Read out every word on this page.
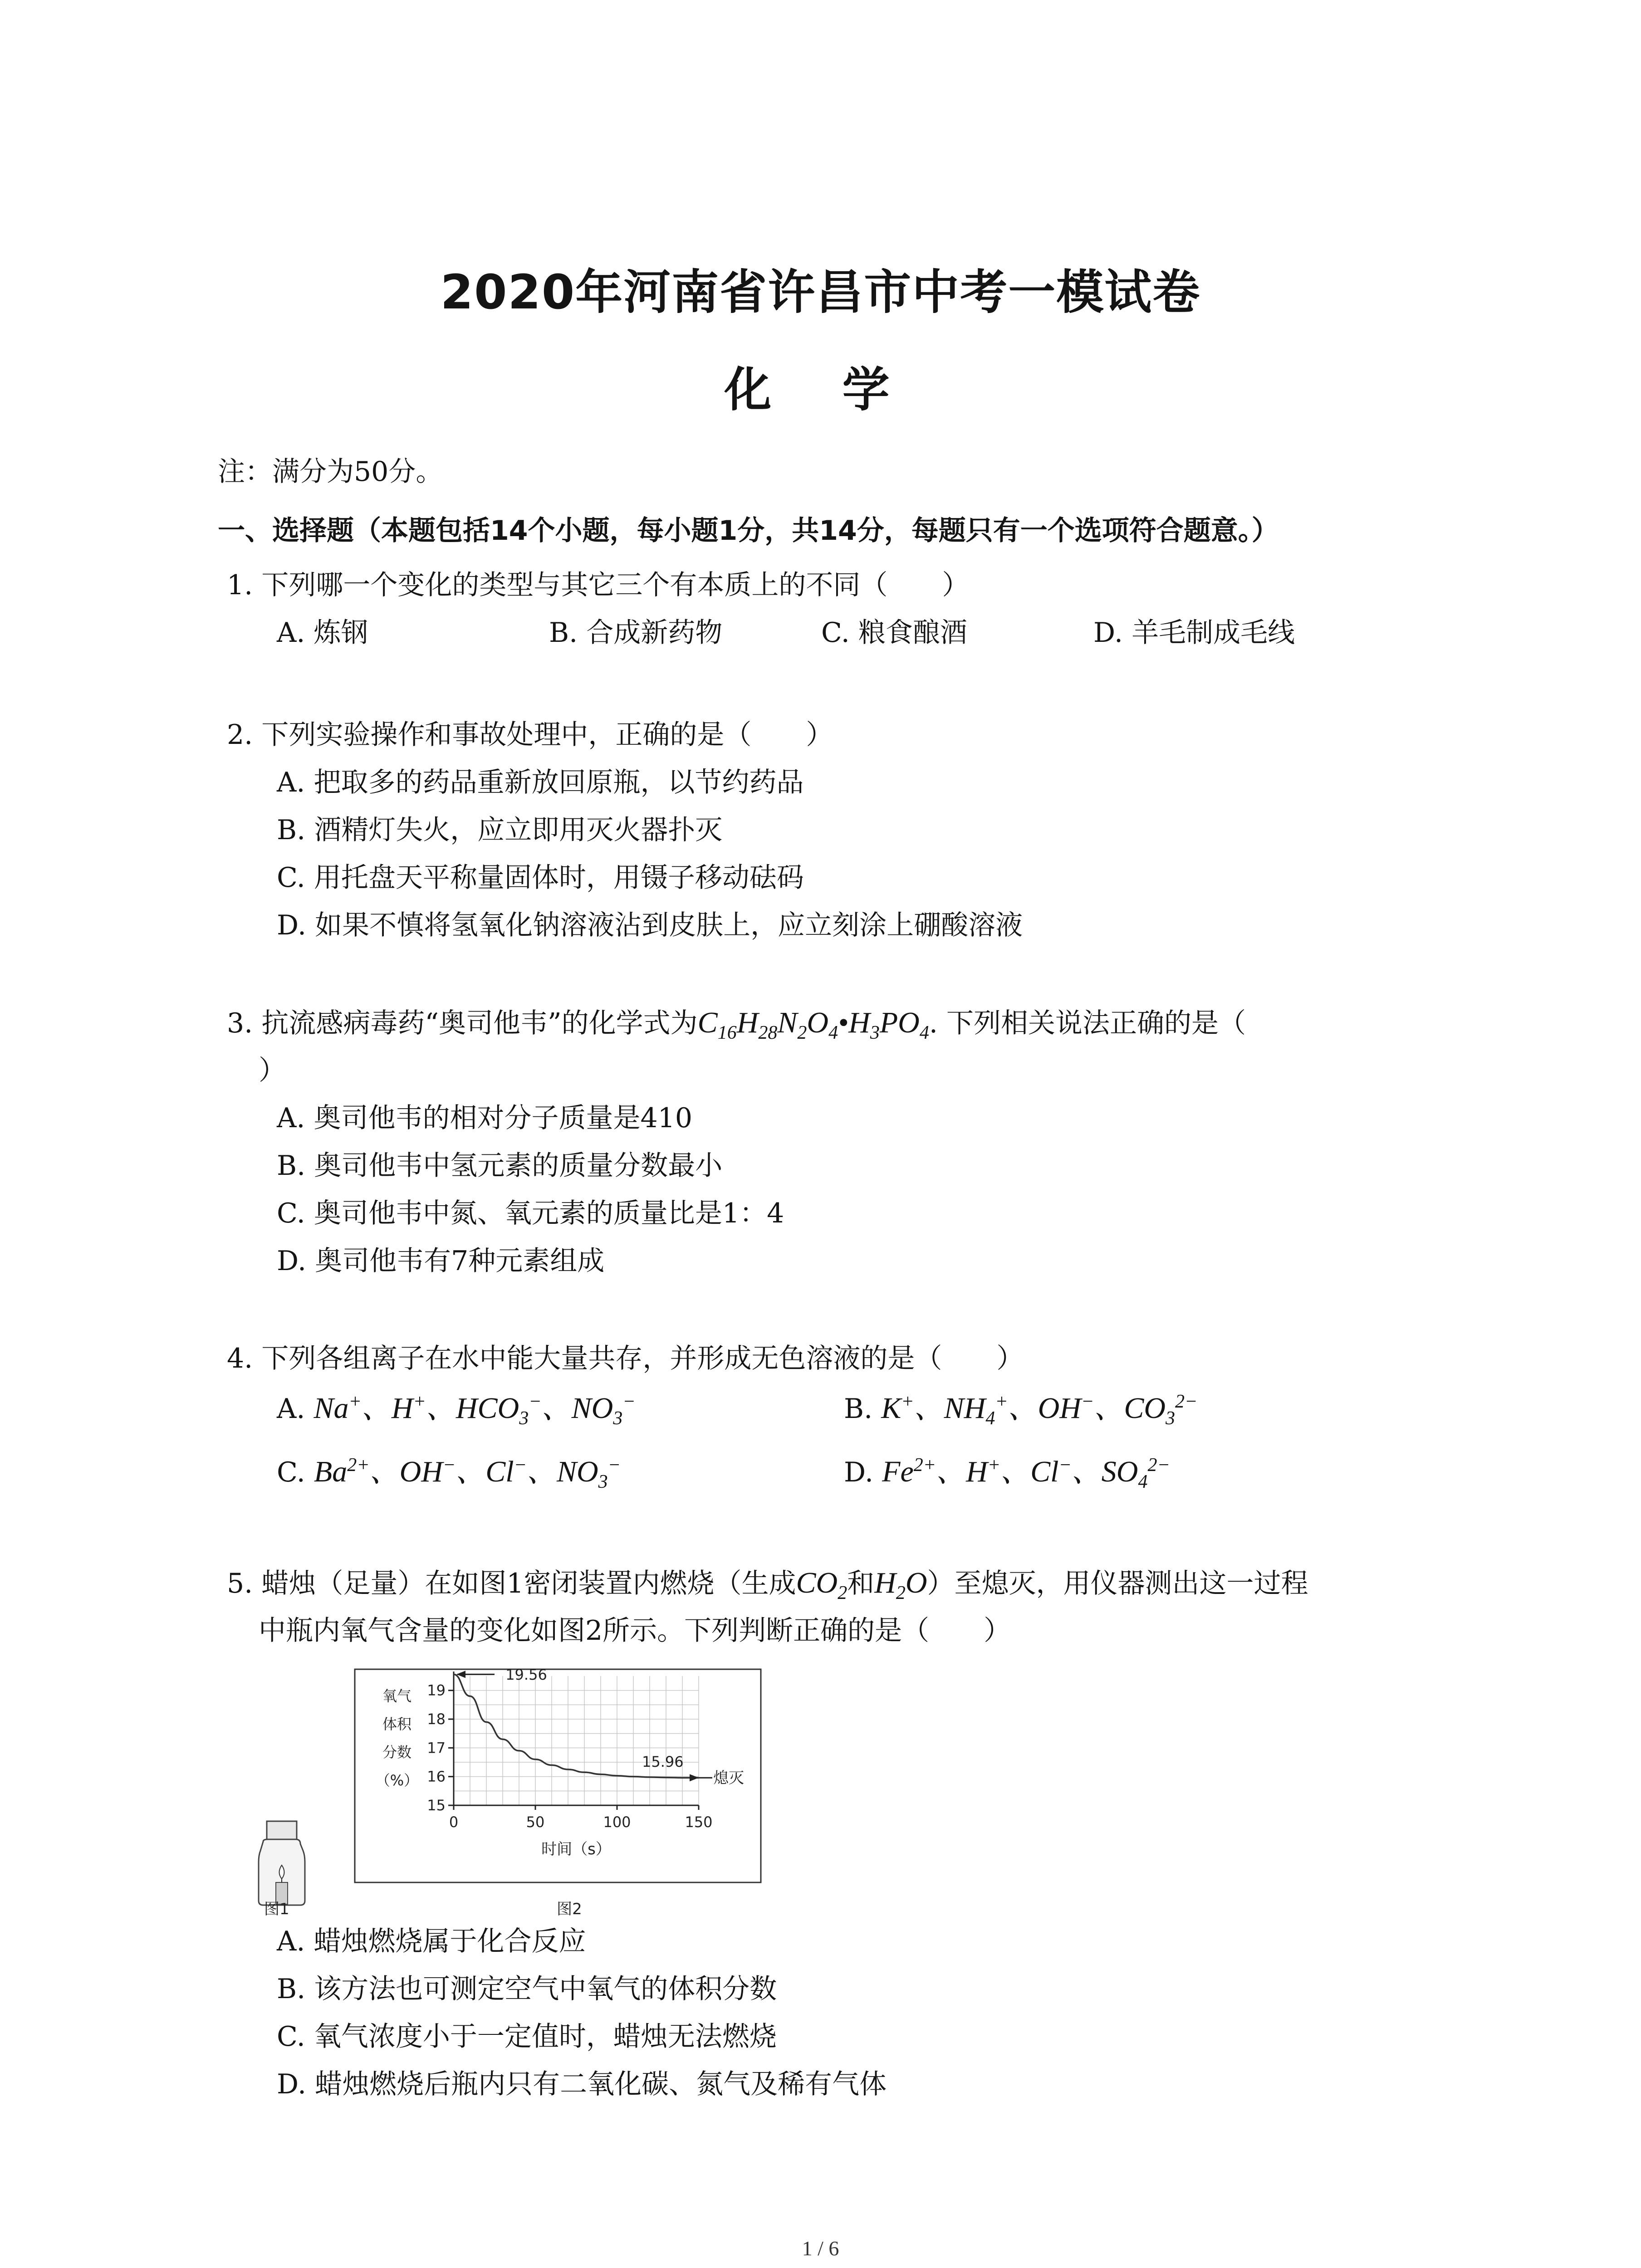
2020年河南省许昌市中考一模试卷
化 学
注：满分为50分。
一、选择题（本题包括14个小题，每小题1分，共14分，每题只有一个选项符合题意。）
1. 下列哪一个变化的类型与其它三个有本质上的不同（　　）
A. 炼钢	B. 合成新药物	C. 粮食酿酒	D. 羊毛制成毛线
2. 下列实验操作和事故处理中，正确的是（　　）
A. 把取多的药品重新放回原瓶，以节约药品
B. 酒精灯失火，应立即用灭火器扑灭
C. 用托盘天平称量固体时，用镊子移动砝码
D. 如果不慎将氢氧化钠溶液沾到皮肤上，应立刻涂上硼酸溶液
3. 抗流感病毒药“奥司他韦”的化学式为$C_{16}H_{28}N_2O_4•H_3PO_4$. 下列相关说法正确的是（
）
A. 奥司他韦的相对分子质量是410
B. 奥司他韦中氢元素的质量分数最小
C. 奥司他韦中氮、氧元素的质量比是1：4
D. 奥司他韦有7种元素组成
4. 下列各组离子在水中能大量共存，并形成无色溶液的是（　　）
A. Na+、H+、$HCO_3^-$、$NO_3^-$	B. K+、$NH_4^+$、OH−、$CO_3^{2-}$
C. $Ba^{2+}$、OH−、Cl−、$NO_3^-$	D. $Fe^{2+}$、H+、Cl−、$SO_4^{2-}$
5. 蜡烛（足量）在如图1密闭装置内燃烧（生成$CO_2$和$H_2O$）至熄灭，用仪器测出这一过程
中瓶内氧气含量的变化如图2所示。下列判断正确的是（　　）
图1
15
16
17
18
19
0	50	100	150
氧气
体积
分数
（%）
时间（s）
19.56
15.96
熄灭
图2
A. 蜡烛燃烧属于化合反应
B. 该方法也可测定空气中氧气的体积分数
C. 氧气浓度小于一定值时，蜡烛无法燃烧
D. 蜡烛燃烧后瓶内只有二氧化碳、氮气及稀有气体
1 / 6
